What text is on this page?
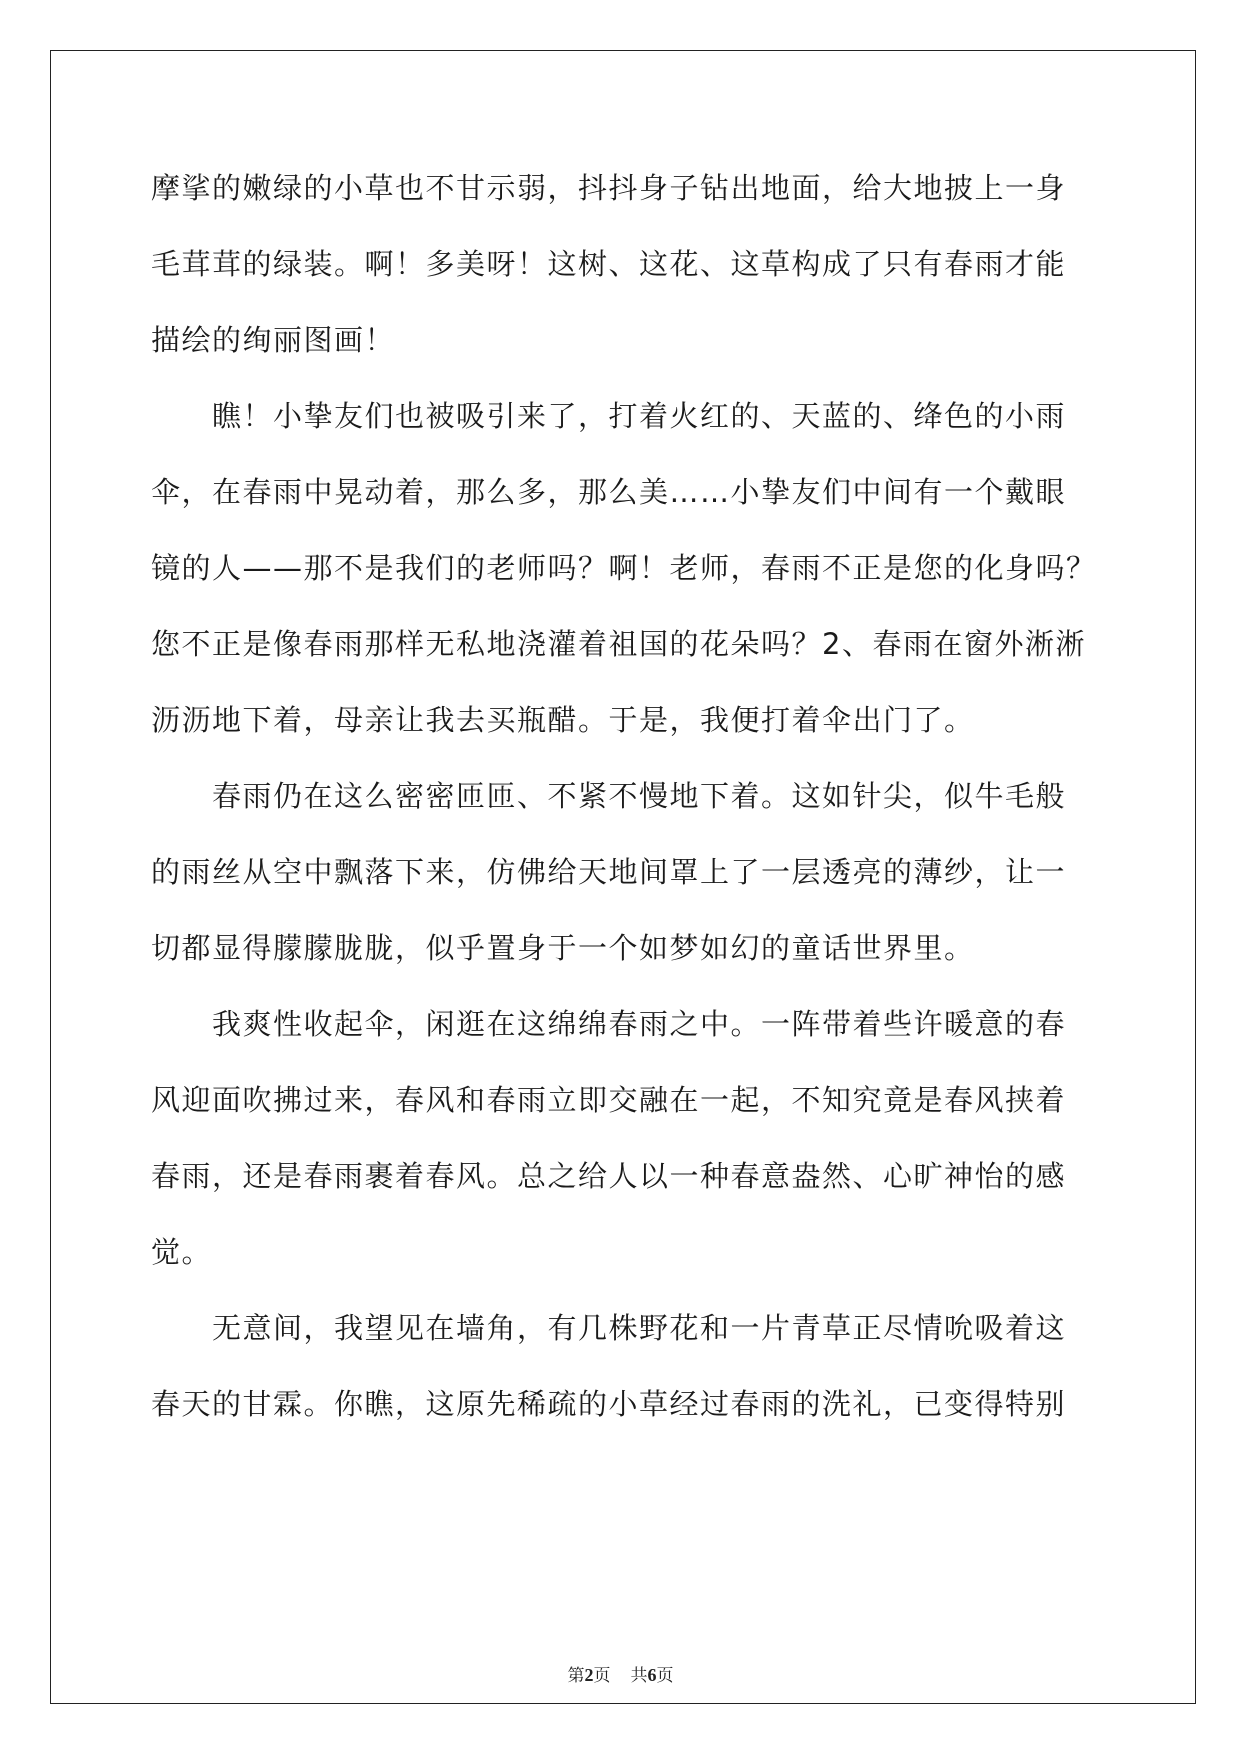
摩挲的嫩绿的小草也不甘示弱，抖抖身子钻出地面，给大地披上一身
毛茸茸的绿装。啊！多美呀！这树、这花、这草构成了只有春雨才能
描绘的绚丽图画！
瞧！小挚友们也被吸引来了，打着火红的、天蓝的、绛色的小雨
伞，在春雨中晃动着，那么多，那么美……小挚友们中间有一个戴眼
镜的人——那不是我们的老师吗？啊！老师，春雨不正是您的化身吗？
您不正是像春雨那样无私地浇灌着祖国的花朵吗？2、春雨在窗外淅淅
沥沥地下着，母亲让我去买瓶醋。于是，我便打着伞出门了。
春雨仍在这么密密匝匝、不紧不慢地下着。这如针尖，似牛毛般
的雨丝从空中飘落下来，仿佛给天地间罩上了一层透亮的薄纱，让一
切都显得朦朦胧胧，似乎置身于一个如梦如幻的童话世界里。
我爽性收起伞，闲逛在这绵绵春雨之中。一阵带着些许暖意的春
风迎面吹拂过来，春风和春雨立即交融在一起，不知究竟是春风挟着
春雨，还是春雨裹着春风。总之给人以一种春意盎然、心旷神怡的感
觉。
无意间，我望见在墙角，有几株野花和一片青草正尽情吮吸着这
春天的甘霖。你瞧，这原先稀疏的小草经过春雨的洗礼，已变得特别
第2页 共6页
